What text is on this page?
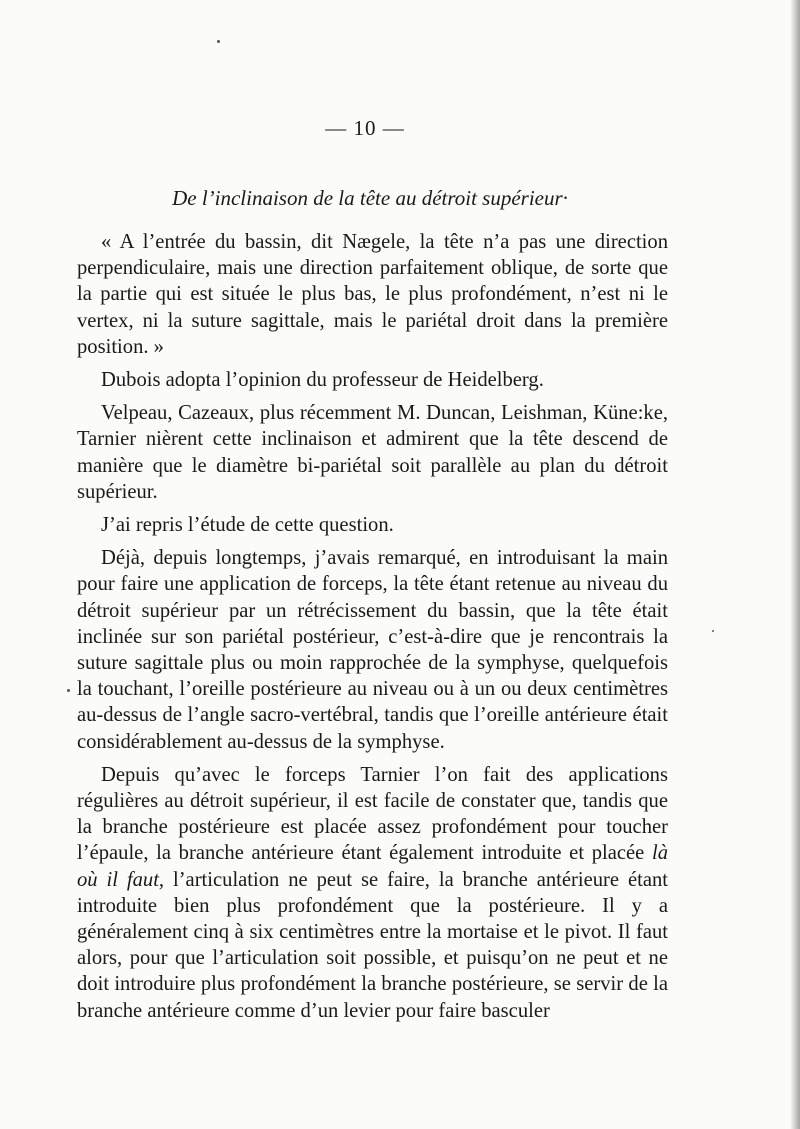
— 10 —
De l’inclinaison de la tête au détroit supérieur·

« A l’entrée du bassin, dit Nægele, la tête n’a pas une direction perpendiculaire, mais une direction parfaitement oblique, de sorte que la partie qui est située le plus bas, le plus profondément, n’est ni le vertex, ni la suture sagittale, mais le pariétal droit dans la première position. »

Dubois adopta l’opinion du professeur de Heidelberg.

Velpeau, Cazeaux, plus récemment M. Duncan, Leishman, Küne:ke, Tarnier nièrent cette inclinaison et admirent que la tête descend de manière que le diamètre bi-pariétal soit parallèle au plan du détroit supérieur.

J’ai repris l’étude de cette question.

Déjà, depuis longtemps, j’avais remarqué, en introduisant la main pour faire une application de forceps, la tête étant retenue au niveau du détroit supérieur par un rétrécissement du bassin, que la tête était inclinée sur son pariétal postérieur, c’est-à-dire que je rencontrais la suture sagittale plus ou moin rapprochée de la symphyse, quelquefois la touchant, l’oreille postérieure au niveau ou à un ou deux centimètres au-dessus de l’angle sacro-vertébral, tandis que l’oreille antérieure était considérablement au-dessus de la symphyse.

Depuis qu’avec le forceps Tarnier l’on fait des applications régulières au détroit supérieur, il est facile de constater que, tandis que la branche postérieure est placée assez profondément pour toucher l’épaule, la branche antérieure étant également introduite et placée là où il faut, l’articulation ne peut se faire, la branche antérieure étant introduite bien plus profondément que la postérieure. Il y a généralement cinq à six centimètres entre la mortaise et le pivot. Il faut alors, pour que l’articulation soit possible, et puisqu’on ne peut et ne doit introduire plus profondément la branche postérieure, se servir de la branche antérieure comme d’un levier pour faire basculer
